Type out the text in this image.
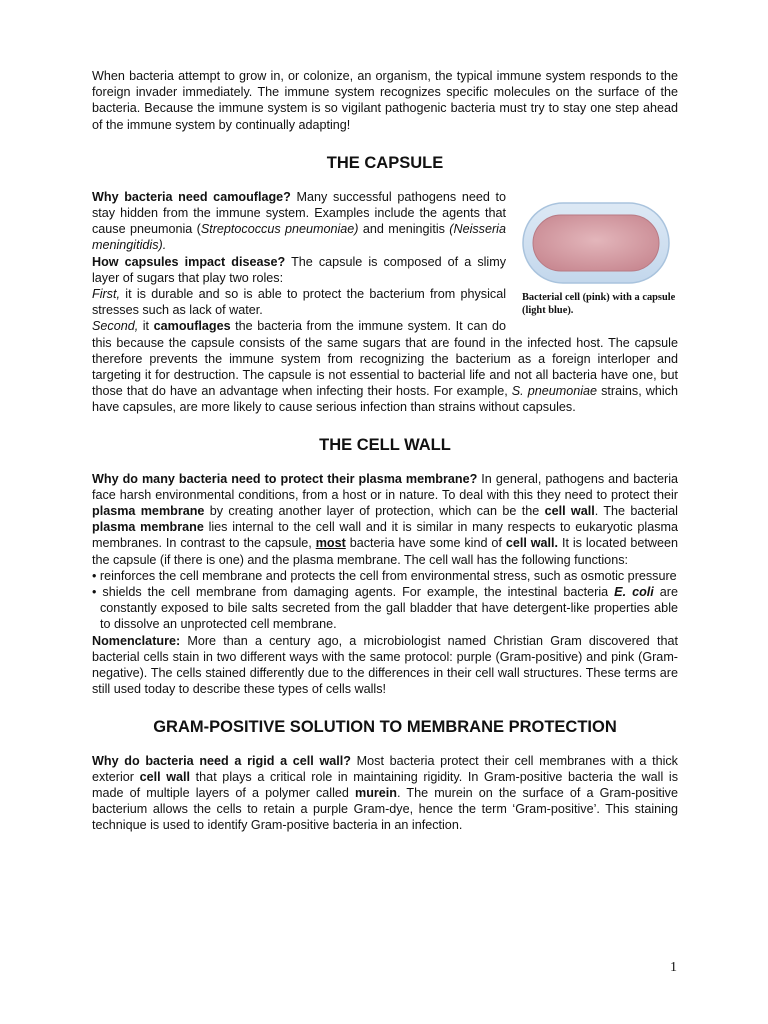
When bacteria attempt to grow in, or colonize, an organism, the typical immune system responds to the foreign invader immediately. The immune system recognizes specific molecules on the surface of the bacteria. Because the immune system is so vigilant pathogenic bacteria must try to stay one step ahead of the immune system by continually adapting!

THE CAPSULE
Bacterial cell (pink) with a capsule (light blue).

Why bacteria need camouflage? Many successful pathogens need to stay hidden from the immune system. Examples include the agents that cause pneumonia (Streptococcus pneumoniae) and meningitis (Neisseria meningitidis).
How capsules impact disease? The capsule is composed of a slimy layer of sugars that play two roles:
First, it is durable and so is able to protect the bacterium from physical stresses such as lack of water.
Second, it camouflages the bacteria from the immune system. It can do this because the capsule consists of the same sugars that are found in the infected host. The capsule therefore prevents the immune system from recognizing the bacterium as a foreign interloper and targeting it for destruction. The capsule is not essential to bacterial life and not all bacteria have one, but those that do have an advantage when infecting their hosts. For example, S. pneumoniae strains, which have capsules, are more likely to cause serious infection than strains without capsules.

THE CELL WALL

Why do many bacteria need to protect their plasma membrane? In general, pathogens and bacteria face harsh environmental conditions, from a host or in nature. To deal with this they need to protect their plasma membrane by creating another layer of protection, which can be the cell wall. The bacterial plasma membrane lies internal to the cell wall and it is similar in many respects to eukaryotic plasma membranes. In contrast to the capsule, most bacteria have some kind of cell wall. It is located between the capsule (if there is one) and the plasma membrane. The cell wall has the following functions:

• reinforces the cell membrane and protects the cell from environmental stress, such as osmotic pressure

• shields the cell membrane from damaging agents. For example, the intestinal bacteria E. coli are constantly exposed to bile salts secreted from the gall bladder that have detergent-like properties able to dissolve an unprotected cell membrane.

Nomenclature: More than a century ago, a microbiologist named Christian Gram discovered that bacterial cells stain in two different ways with the same protocol: purple (Gram-positive) and pink (Gram-negative). The cells stained differently due to the differences in their cell wall structures. These terms are still used today to describe these types of cells walls!

GRAM-POSITIVE SOLUTION TO MEMBRANE PROTECTION

Why do bacteria need a rigid a cell wall? Most bacteria protect their cell membranes with a thick exterior cell wall that plays a critical role in maintaining rigidity. In Gram-positive bacteria the wall is made of multiple layers of a polymer called murein. The murein on the surface of a Gram-positive bacterium allows the cells to retain a purple Gram-dye, hence the term ‘Gram-positive’. This staining technique is used to identify Gram-positive bacteria in an infection.

1
